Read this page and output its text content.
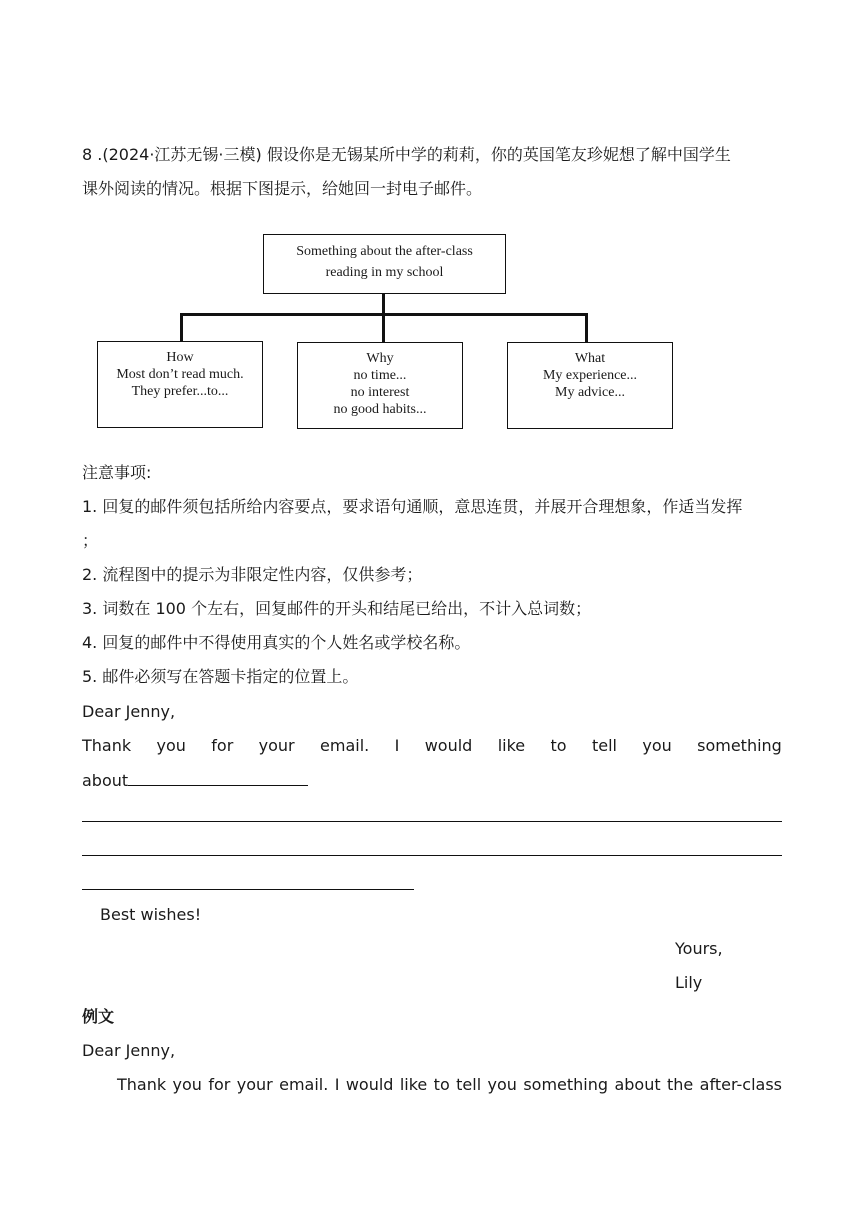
8 .(2024·江苏无锡·三模) 假设你是无锡某所中学的莉莉，你的英国笔友珍妮想了解中国学生
课外阅读的情况。根据下图提示，给她回一封电子邮件。
Something about the after-class
reading in my school
How
Most don’t read much.
They prefer...to...
Why
no time...
no interest
no good habits...
What
My experience...
My advice...
注意事项:
1. 回复的邮件须包括所给内容要点，要求语句通顺，意思连贯，并展开合理想象，作适当发挥
；
2. 流程图中的提示为非限定性内容，仅供参考；
3. 词数在 100 个左右，回复邮件的开头和结尾已给出，不计入总词数；
4. 回复的邮件中不得使用真实的个人姓名或学校名称。
5. 邮件必须写在答题卡指定的位置上。
Dear Jenny,
Thank you for your email. I would like to tell you something
about
Best wishes!
Yours,
Lily
例文
Dear Jenny,
Thank you for your email. I would like to tell you something about the after-class
